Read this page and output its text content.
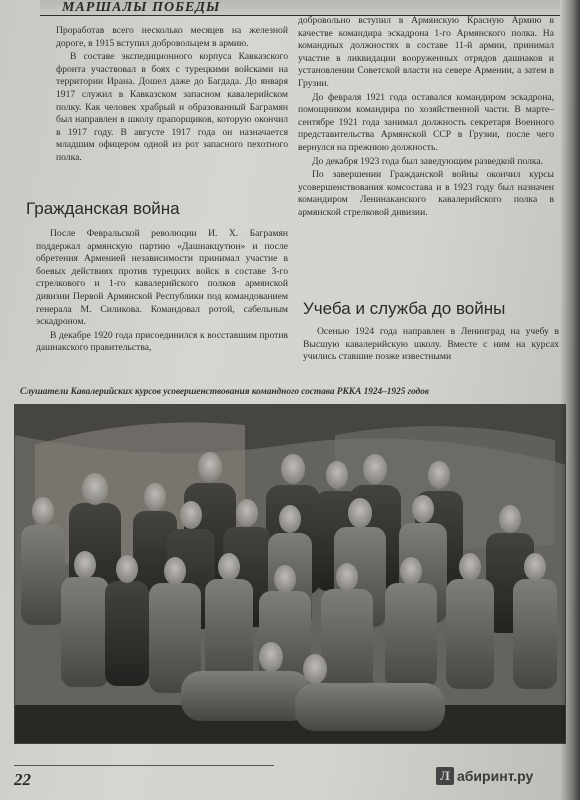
МАРШАЛЫ ПОБЕДЫ

Проработав всего несколько месяцев на железной дороге, в 1915 вступил добровольцем в армию.

В составе экспедиционного корпуса Кавказского фронта участвовал в боях с турецкими войсками на территории Ирана. Дошел даже до Багдада. До января 1917 служил в Кавказском запасном кавалерийском полку. Как человек храбрый и образованный Баграмян был направлен в школу прапорщиков, которую окончил в 1917 году. В августе 1917 года он назначается младшим офицером одной из рот запасного пехотного полка.

добровольно вступил в Армянскую Красную Армию в качестве командира эскадрона 1-го Армянского полка. На командных должностях в составе 11-й армии, принимал участие в ликвидации вооруженных отрядов дашнаков и установлении Советской власти на севере Армении, а затем в Грузии.

До февраля 1921 года оставался командиром эскадрона, помощником командира по хозяйственной части. В марте–сентябре 1921 года занимал должность секретаря Военного представительства Армянской ССР в Грузии, после чего вернулся на прежнюю должность.

До декабря 1923 года был заведующим разведкой полка.

По завершении Гражданской войны окончил курсы усовершенствования комсостава и в 1923 году был назначен командиром Ленинаканского кавалерийского полка в армянской стрелковой дивизии.

Гражданская война

После Февральской революции И. Х. Баграмян поддержал армянскую партию «Дашнакцутюн» и после обретения Арменией независимости принимал участие в боевых действиях против турецких войск в составе 3-го стрелкового и 1-го кавалерийского полков армянской дивизии Первой Армянской Республики под командованием генерала М. Силикова. Командовал ротой, сабельным эскадроном.

В декабре 1920 года присоединился к восставшим против дашнакского правительства,

Учеба и служба до войны

Осенью 1924 года направлен в Ленинград на учебу в Высшую кавалерийскую школу. Вместе с ним на курсах учились ставшие позже известными

Слушатели Кавалерийских курсов усовершенствования командного состава РККА 1924–1925 годов
22	Л абиринт.ру
